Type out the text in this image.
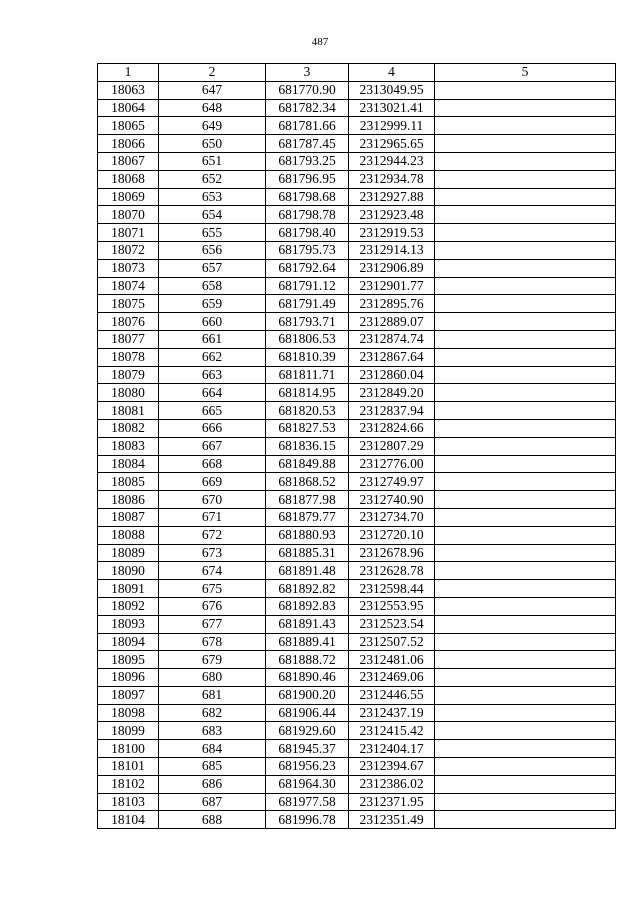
487
1	2	3	4	5
18063	647	681770.90	2313049.95	
18064	648	681782.34	2313021.41	
18065	649	681781.66	2312999.11	
18066	650	681787.45	2312965.65	
18067	651	681793.25	2312944.23	
18068	652	681796.95	2312934.78	
18069	653	681798.68	2312927.88	
18070	654	681798.78	2312923.48	
18071	655	681798.40	2312919.53	
18072	656	681795.73	2312914.13	
18073	657	681792.64	2312906.89	
18074	658	681791.12	2312901.77	
18075	659	681791.49	2312895.76	
18076	660	681793.71	2312889.07	
18077	661	681806.53	2312874.74	
18078	662	681810.39	2312867.64	
18079	663	681811.71	2312860.04	
18080	664	681814.95	2312849.20	
18081	665	681820.53	2312837.94	
18082	666	681827.53	2312824.66	
18083	667	681836.15	2312807.29	
18084	668	681849.88	2312776.00	
18085	669	681868.52	2312749.97	
18086	670	681877.98	2312740.90	
18087	671	681879.77	2312734.70	
18088	672	681880.93	2312720.10	
18089	673	681885.31	2312678.96	
18090	674	681891.48	2312628.78	
18091	675	681892.82	2312598.44	
18092	676	681892.83	2312553.95	
18093	677	681891.43	2312523.54	
18094	678	681889.41	2312507.52	
18095	679	681888.72	2312481.06	
18096	680	681890.46	2312469.06	
18097	681	681900.20	2312446.55	
18098	682	681906.44	2312437.19	
18099	683	681929.60	2312415.42	
18100	684	681945.37	2312404.17	
18101	685	681956.23	2312394.67	
18102	686	681964.30	2312386.02	
18103	687	681977.58	2312371.95	
18104	688	681996.78	2312351.49	
